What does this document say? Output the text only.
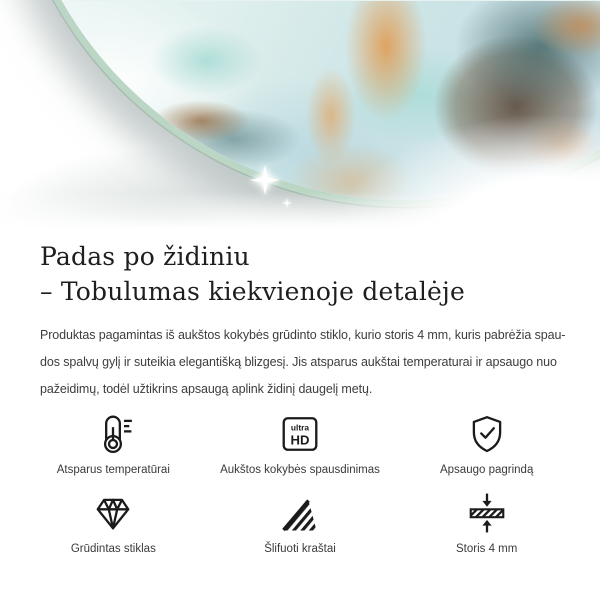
Padas po židiniu
– Tobulumas kiekvienoje detalėje

Produktas pagamintas iš aukštos kokybės grūdinto stiklo, kurio storis 4 mm, kuris pabrėžia spau-
dos spalvų gylį ir suteikia elegantišką blizgesį. Jis atsparus aukštai temperaturai ir apsaugo nuo
pažeidimų, todėl užtikrins apsaugą aplink židinį daugelį metų.

Atsparus temperatūrai
ultra
HD
Aukštos kokybės spausdinimas	Apsaugo pagrindą
Grūdintas stiklas	Šlifuoti kraštai	Storis 4 mm
